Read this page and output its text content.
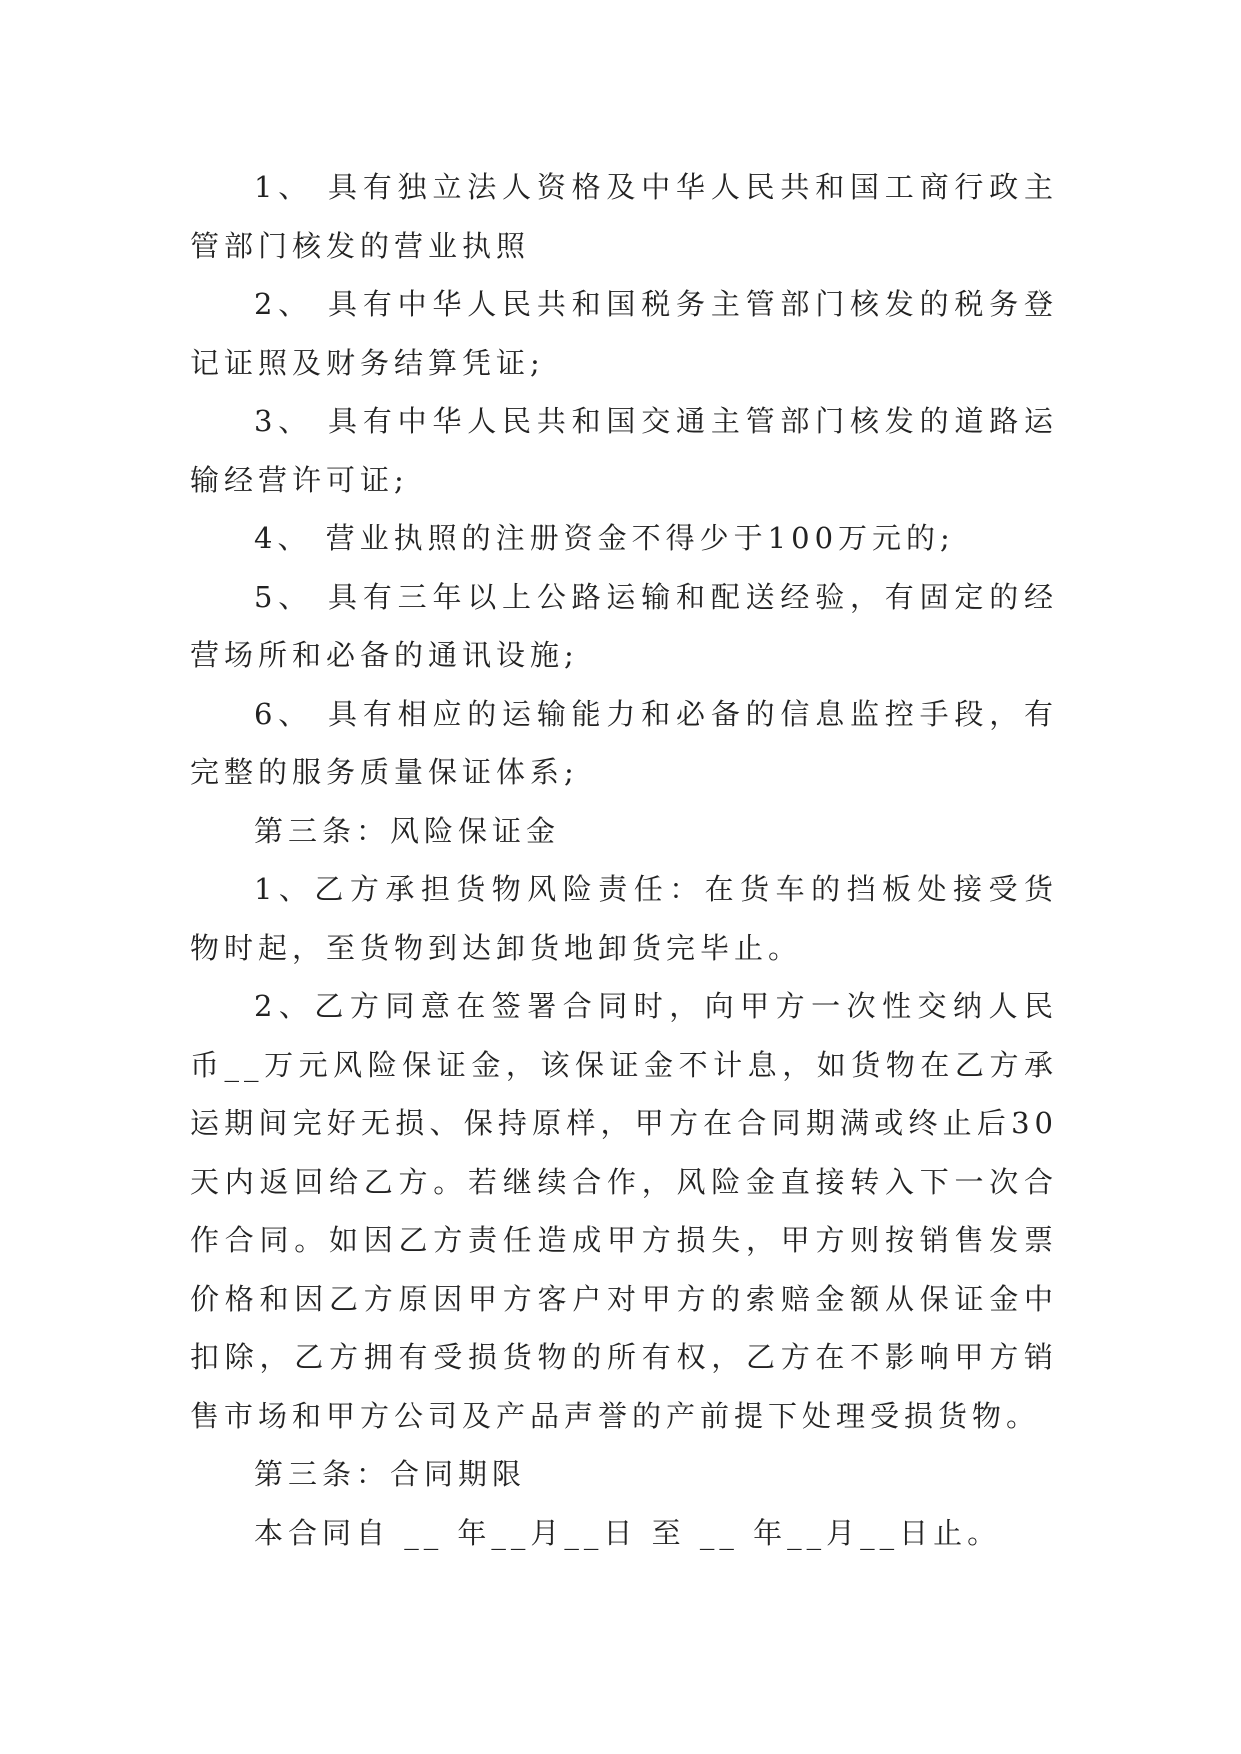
1、 具有独立法人资格及中华人民共和国工商行政主管部门核发的营业执照

2、 具有中华人民共和国税务主管部门核发的税务登记证照及财务结算凭证;

3、 具有中华人民共和国交通主管部门核发的道路运输经营许可证;

4、 营业执照的注册资金不得少于100万元的;

5、 具有三年以上公路运输和配送经验，有固定的经营场所和必备的通讯设施;

6、 具有相应的运输能力和必备的信息监控手段，有完整的服务质量保证体系;

第三条：风险保证金

1、乙方承担货物风险责任：在货车的挡板处接受货物时起，至货物到达卸货地卸货完毕止。

2、乙方同意在签署合同时，向甲方一次性交纳人民币__万元风险保证金，该保证金不计息，如货物在乙方承运期间完好无损、保持原样，甲方在合同期满或终止后30天内返回给乙方。若继续合作，风险金直接转入下一次合作合同。如因乙方责任造成甲方损失，甲方则按销售发票价格和因乙方原因甲方客户对甲方的索赔金额从保证金中扣除，乙方拥有受损货物的所有权，乙方在不影响甲方销售市场和甲方公司及产品声誉的产前提下处理受损货物。

第三条：合同期限

本合同自 __ 年__月__日 至 __ 年__月__日止。
